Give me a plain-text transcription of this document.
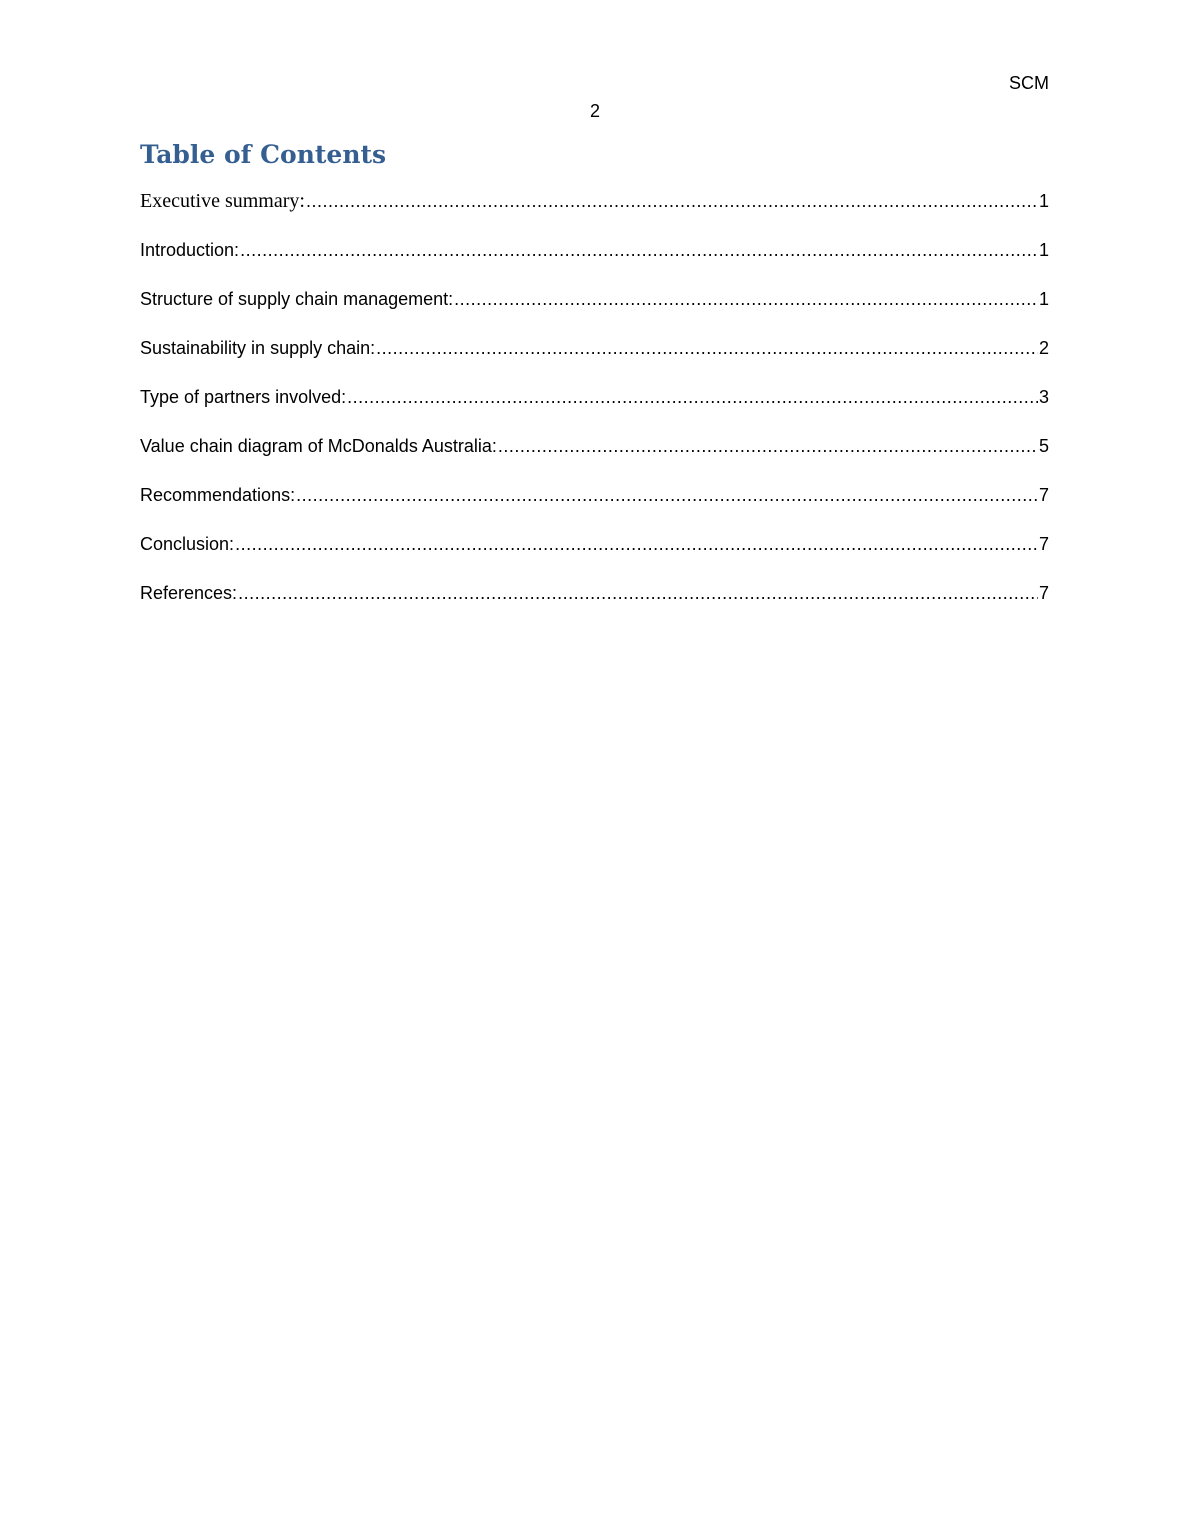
SCM
2
Table of Contents
Executive summary: .....	1
Introduction: .....	1
Structure of supply chain management: .....	1
Sustainability in supply chain: .....	2
Type of partners involved: .....	3
Value chain diagram of McDonalds Australia: .....	5
Recommendations: .....	7
Conclusion: .....	7
References: .....	7
